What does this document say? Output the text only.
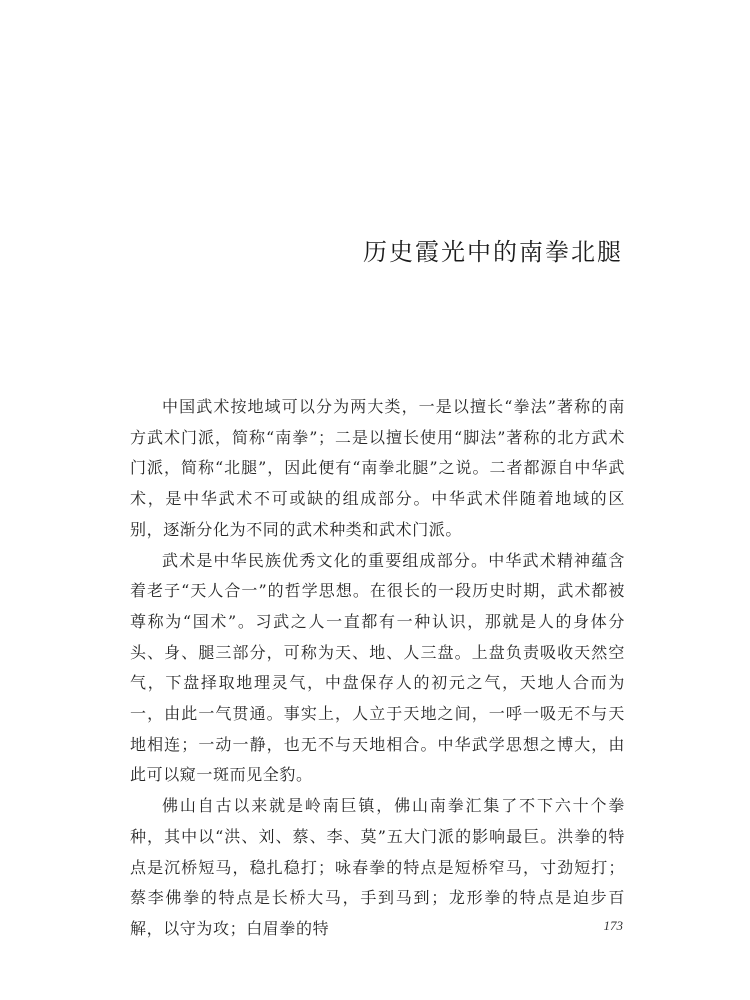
历史霞光中的南拳北腿

中国武术按地域可以分为两大类，一是以擅长“拳法”著称的南方武术门派，简称“南拳”；二是以擅长使用“脚法”著称的北方武术门派，简称“北腿”，因此便有“南拳北腿”之说。二者都源自中华武术，是中华武术不可或缺的组成部分。中华武术伴随着地域的区别，逐渐分化为不同的武术种类和武术门派。

武术是中华民族优秀文化的重要组成部分。中华武术精神蕴含着老子“天人合一”的哲学思想。在很长的一段历史时期，武术都被尊称为“国术”。习武之人一直都有一种认识，那就是人的身体分头、身、腿三部分，可称为天、地、人三盘。上盘负责吸收天然空气，下盘择取地理灵气，中盘保存人的初元之气，天地人合而为一，由此一气贯通。事实上，人立于天地之间，一呼一吸无不与天地相连；一动一静，也无不与天地相合。中华武学思想之博大，由此可以窥一斑而见全豹。

佛山自古以来就是岭南巨镇，佛山南拳汇集了不下六十个拳种，其中以“洪、刘、蔡、李、莫”五大门派的影响最巨。洪拳的特点是沉桥短马，稳扎稳打；咏春拳的特点是短桥窄马，寸劲短打；蔡李佛拳的特点是长桥大马，手到马到；龙形拳的特点是迫步百解，以守为攻；白眉拳的特	173
